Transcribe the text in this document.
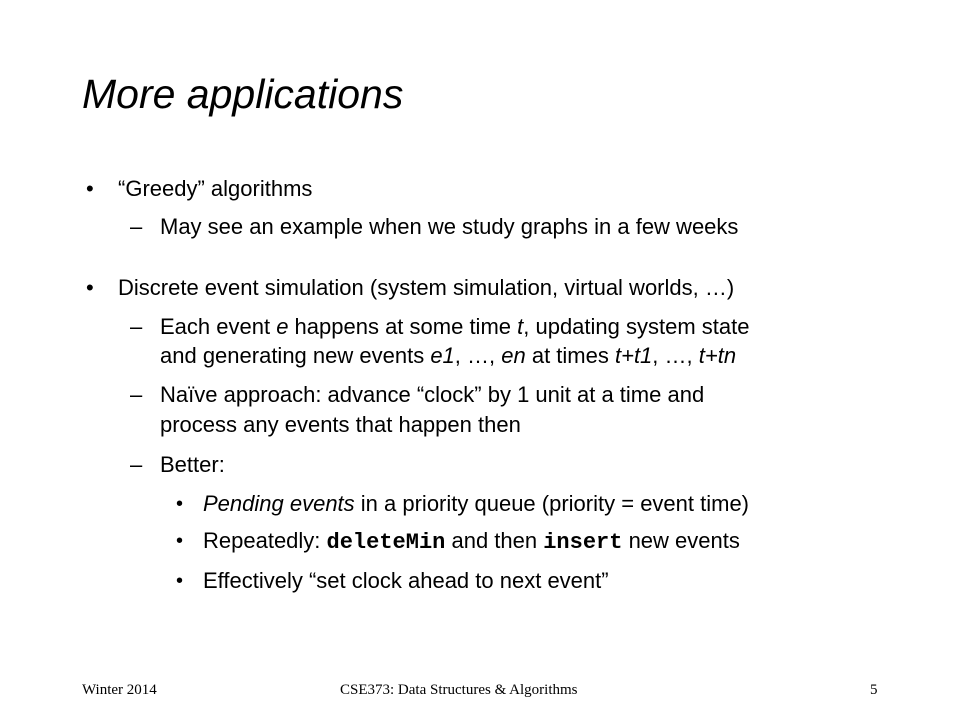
More applications
• “Greedy” algorithms
– May see an example when we study graphs in a few weeks
• Discrete event simulation (system simulation, virtual worlds, …)
– Each event e happens at some time t, updating system state
and generating new events e1, …, en at times t+t1, …, t+tn
– Naïve approach: advance “clock” by 1 unit at a time and
process any events that happen then
– Better:
• Pending events in a priority queue (priority = event time)
• Repeatedly: deleteMin and then insert new events
• Effectively “set clock ahead to next event”
Winter 2014	CSE373: Data Structures & Algorithms	5
